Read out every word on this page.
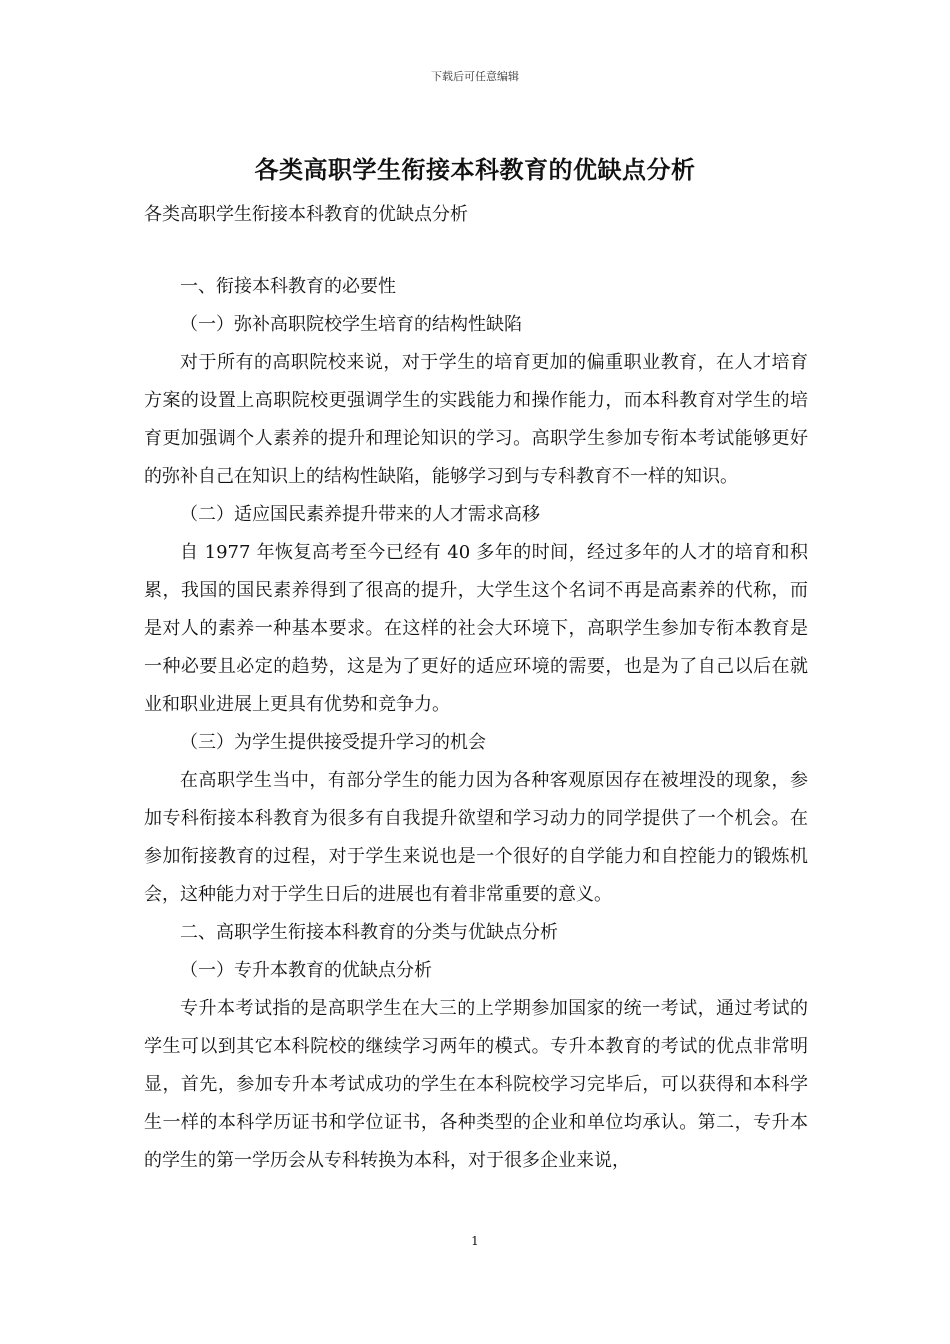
下载后可任意编辑
各类高职学生衔接本科教育的优缺点分析
各类高职学生衔接本科教育的优缺点分析

一、衔接本科教育的必要性

（一）弥补高职院校学生培育的结构性缺陷

对于所有的高职院校来说，对于学生的培育更加的偏重职业教育，在人才培育方案的设置上高职院校更强调学生的实践能力和操作能力，而本科教育对学生的培育更加强调个人素养的提升和理论知识的学习。高职学生参加专衔本考试能够更好的弥补自己在知识上的结构性缺陷，能够学习到与专科教育不一样的知识。

（二）适应国民素养提升带来的人才需求高移

自 1977 年恢复高考至今已经有 40 多年的时间，经过多年的人才的培育和积累，我国的国民素养得到了很高的提升，大学生这个名词不再是高素养的代称，而是对人的素养一种基本要求。在这样的社会大环境下，高职学生参加专衔本教育是一种必要且必定的趋势，这是为了更好的适应环境的需要，也是为了自己以后在就业和职业进展上更具有优势和竞争力。

（三）为学生提供接受提升学习的机会

在高职学生当中，有部分学生的能力因为各种客观原因存在被埋没的现象，参加专科衔接本科教育为很多有自我提升欲望和学习动力的同学提供了一个机会。在参加衔接教育的过程，对于学生来说也是一个很好的自学能力和自控能力的锻炼机会，这种能力对于学生日后的进展也有着非常重要的意义。

二、高职学生衔接本科教育的分类与优缺点分析

（一）专升本教育的优缺点分析

专升本考试指的是高职学生在大三的上学期参加国家的统一考试，通过考试的学生可以到其它本科院校的继续学习两年的模式。专升本教育的考试的优点非常明显，首先，参加专升本考试成功的学生在本科院校学习完毕后，可以获得和本科学生一样的本科学历证书和学位证书，各种类型的企业和单位均承认。第二，专升本的学生的第一学历会从专科转换为本科，对于很多企业来说，

1
